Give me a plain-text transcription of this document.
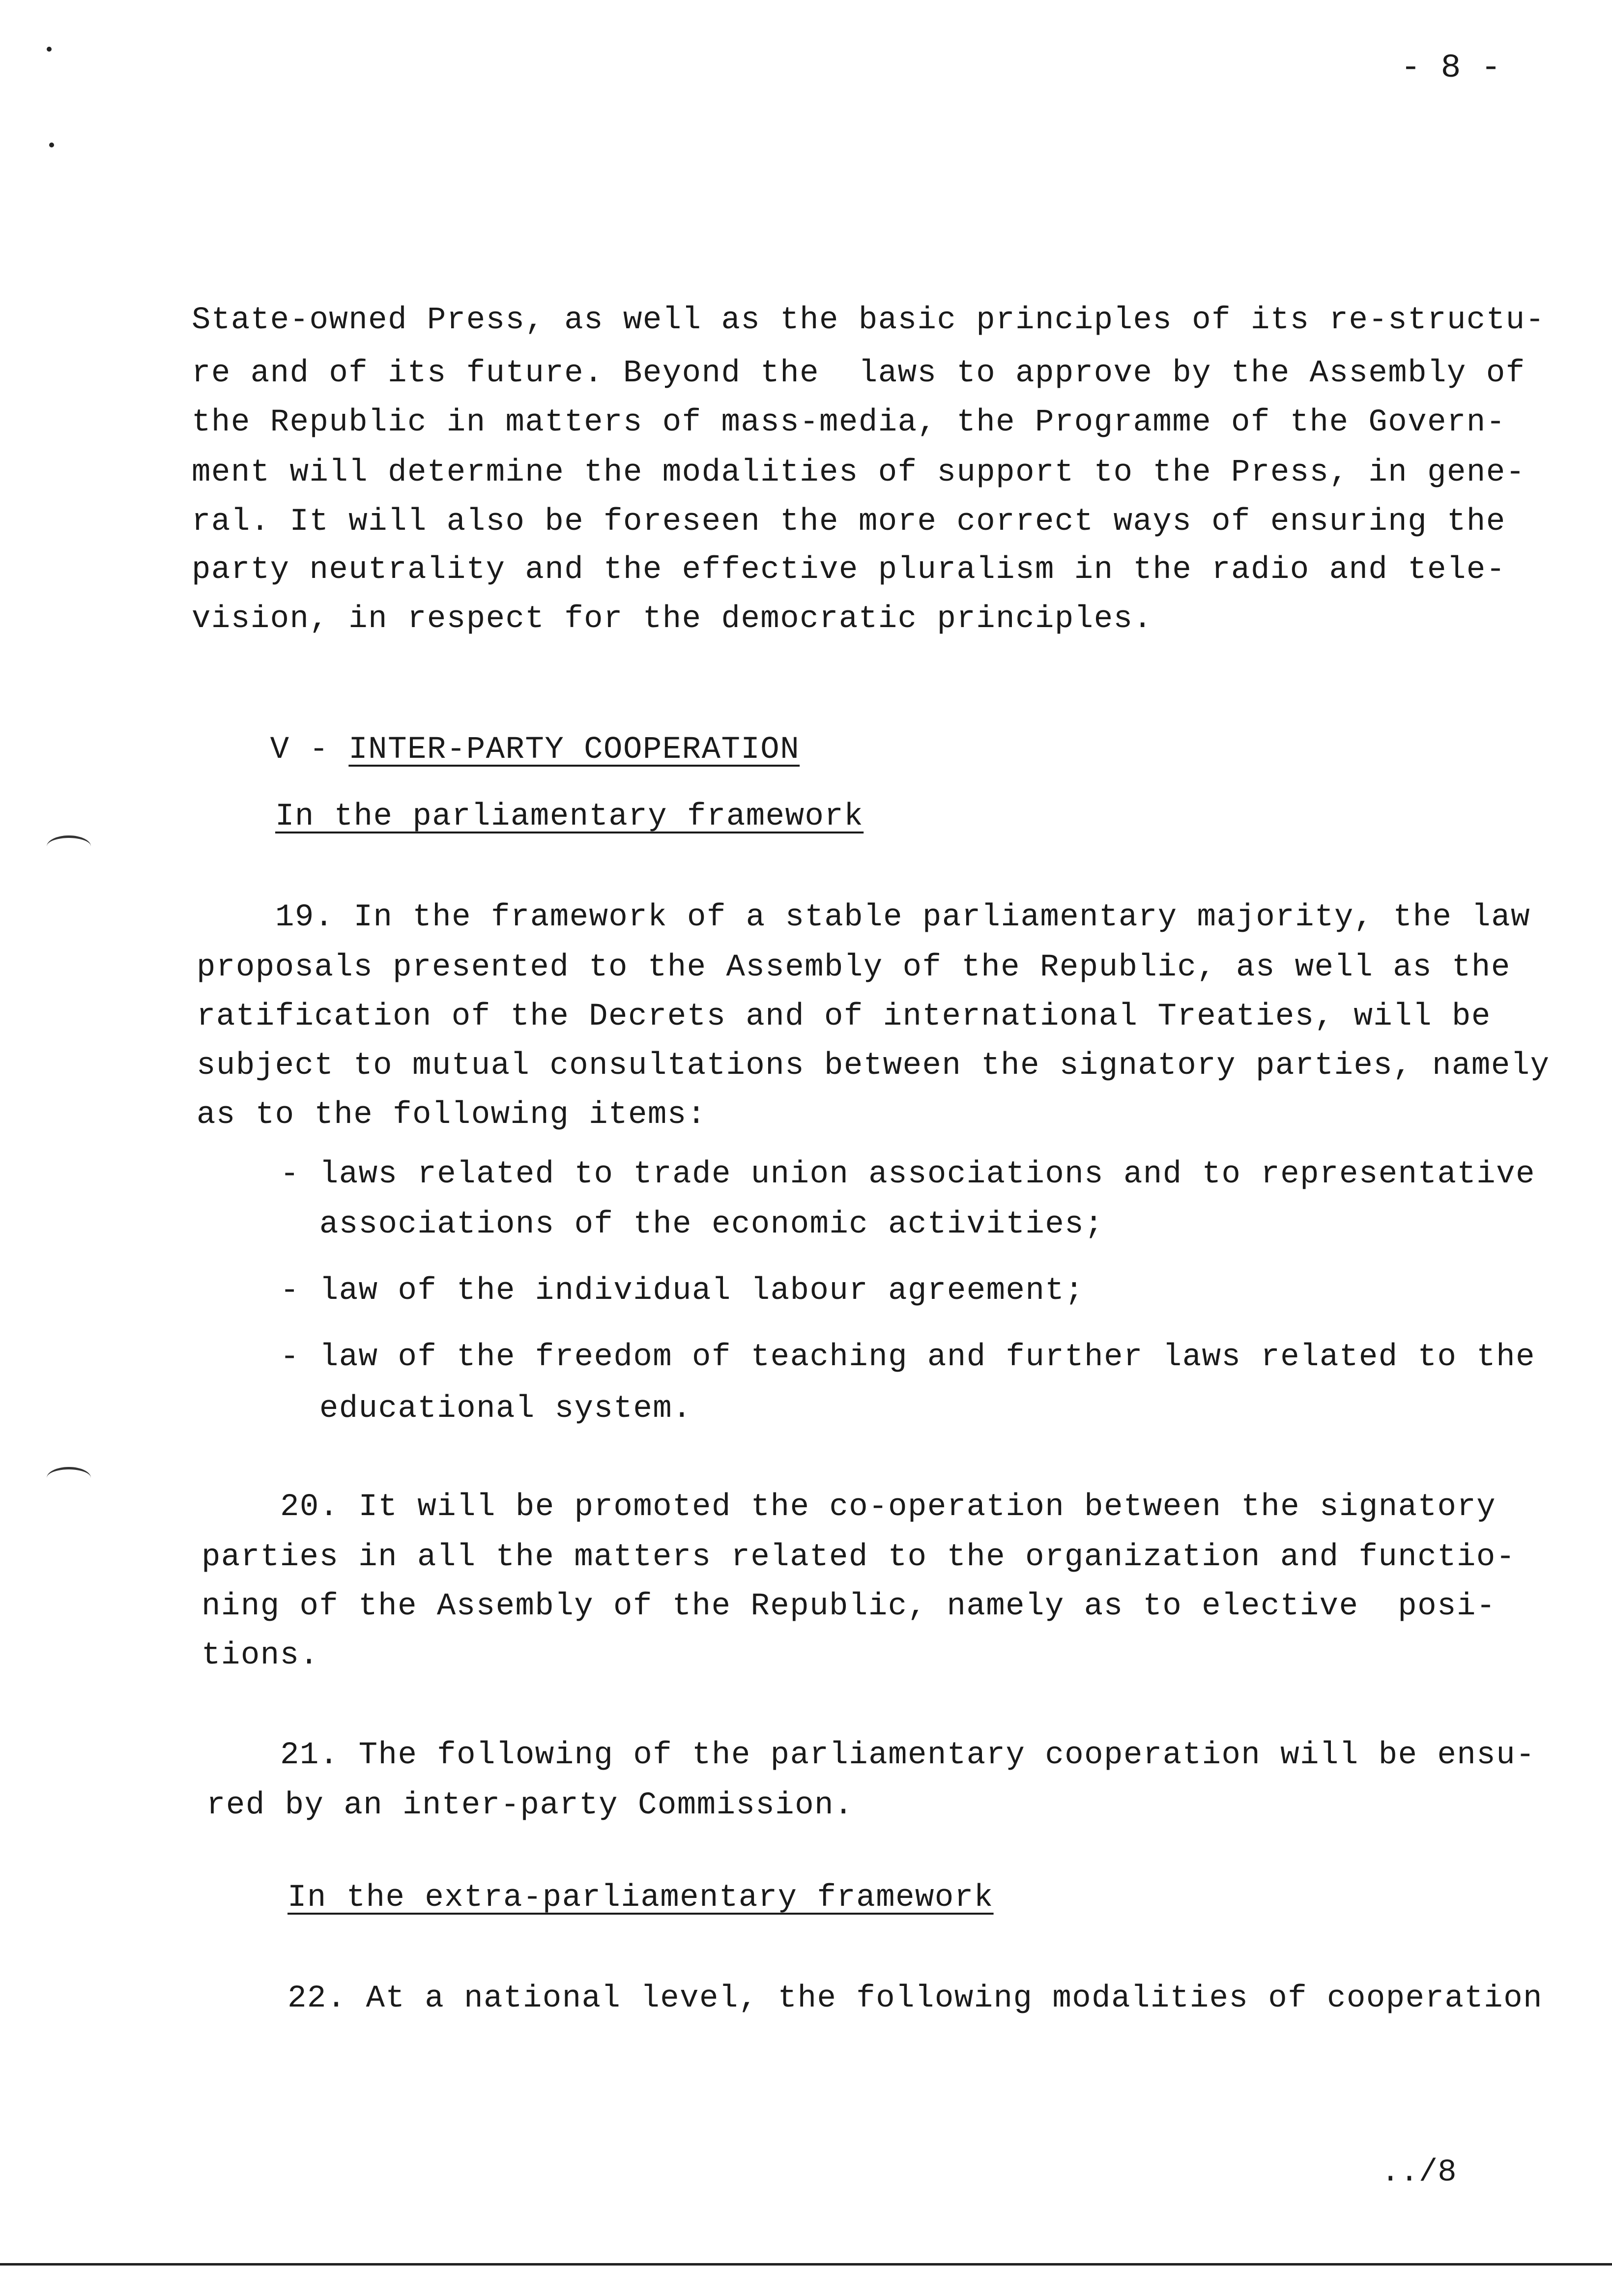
- 8 -
State-owned Press, as well as the basic principles of its re-structu-
re and of its future. Beyond the  laws to approve by the Assembly of
the Republic in matters of mass-media, the Programme of the Govern-
ment will determine the modalities of support to the Press, in gene-
ral. It will also be foreseen the more correct ways of ensuring the
party neutrality and the effective pluralism in the radio and tele-
vision, in respect for the democratic principles.

V - INTER-PARTY COOPERATION

In the parliamentary framework
19. In the framework of a stable parliamentary majority, the law
proposals presented to the Assembly of the Republic, as well as the
ratification of the Decrets and of international Treaties, will be
subject to mutual consultations between the signatory parties, namely
as to the following items:
- laws related to trade union associations and to representative
associations of the economic activities;
- law of the individual labour agreement;
- law of the freedom of teaching and further laws related to the
educational system.
20. It will be promoted the co-operation between the signatory
parties in all the matters related to the organization and functio-
ning of the Assembly of the Republic, namely as to elective  posi-
tions.
21. The following of the parliamentary cooperation will be ensu-
red by an inter-party Commission.
In the extra-parliamentary framework
22. At a national level, the following modalities of cooperation
../8
